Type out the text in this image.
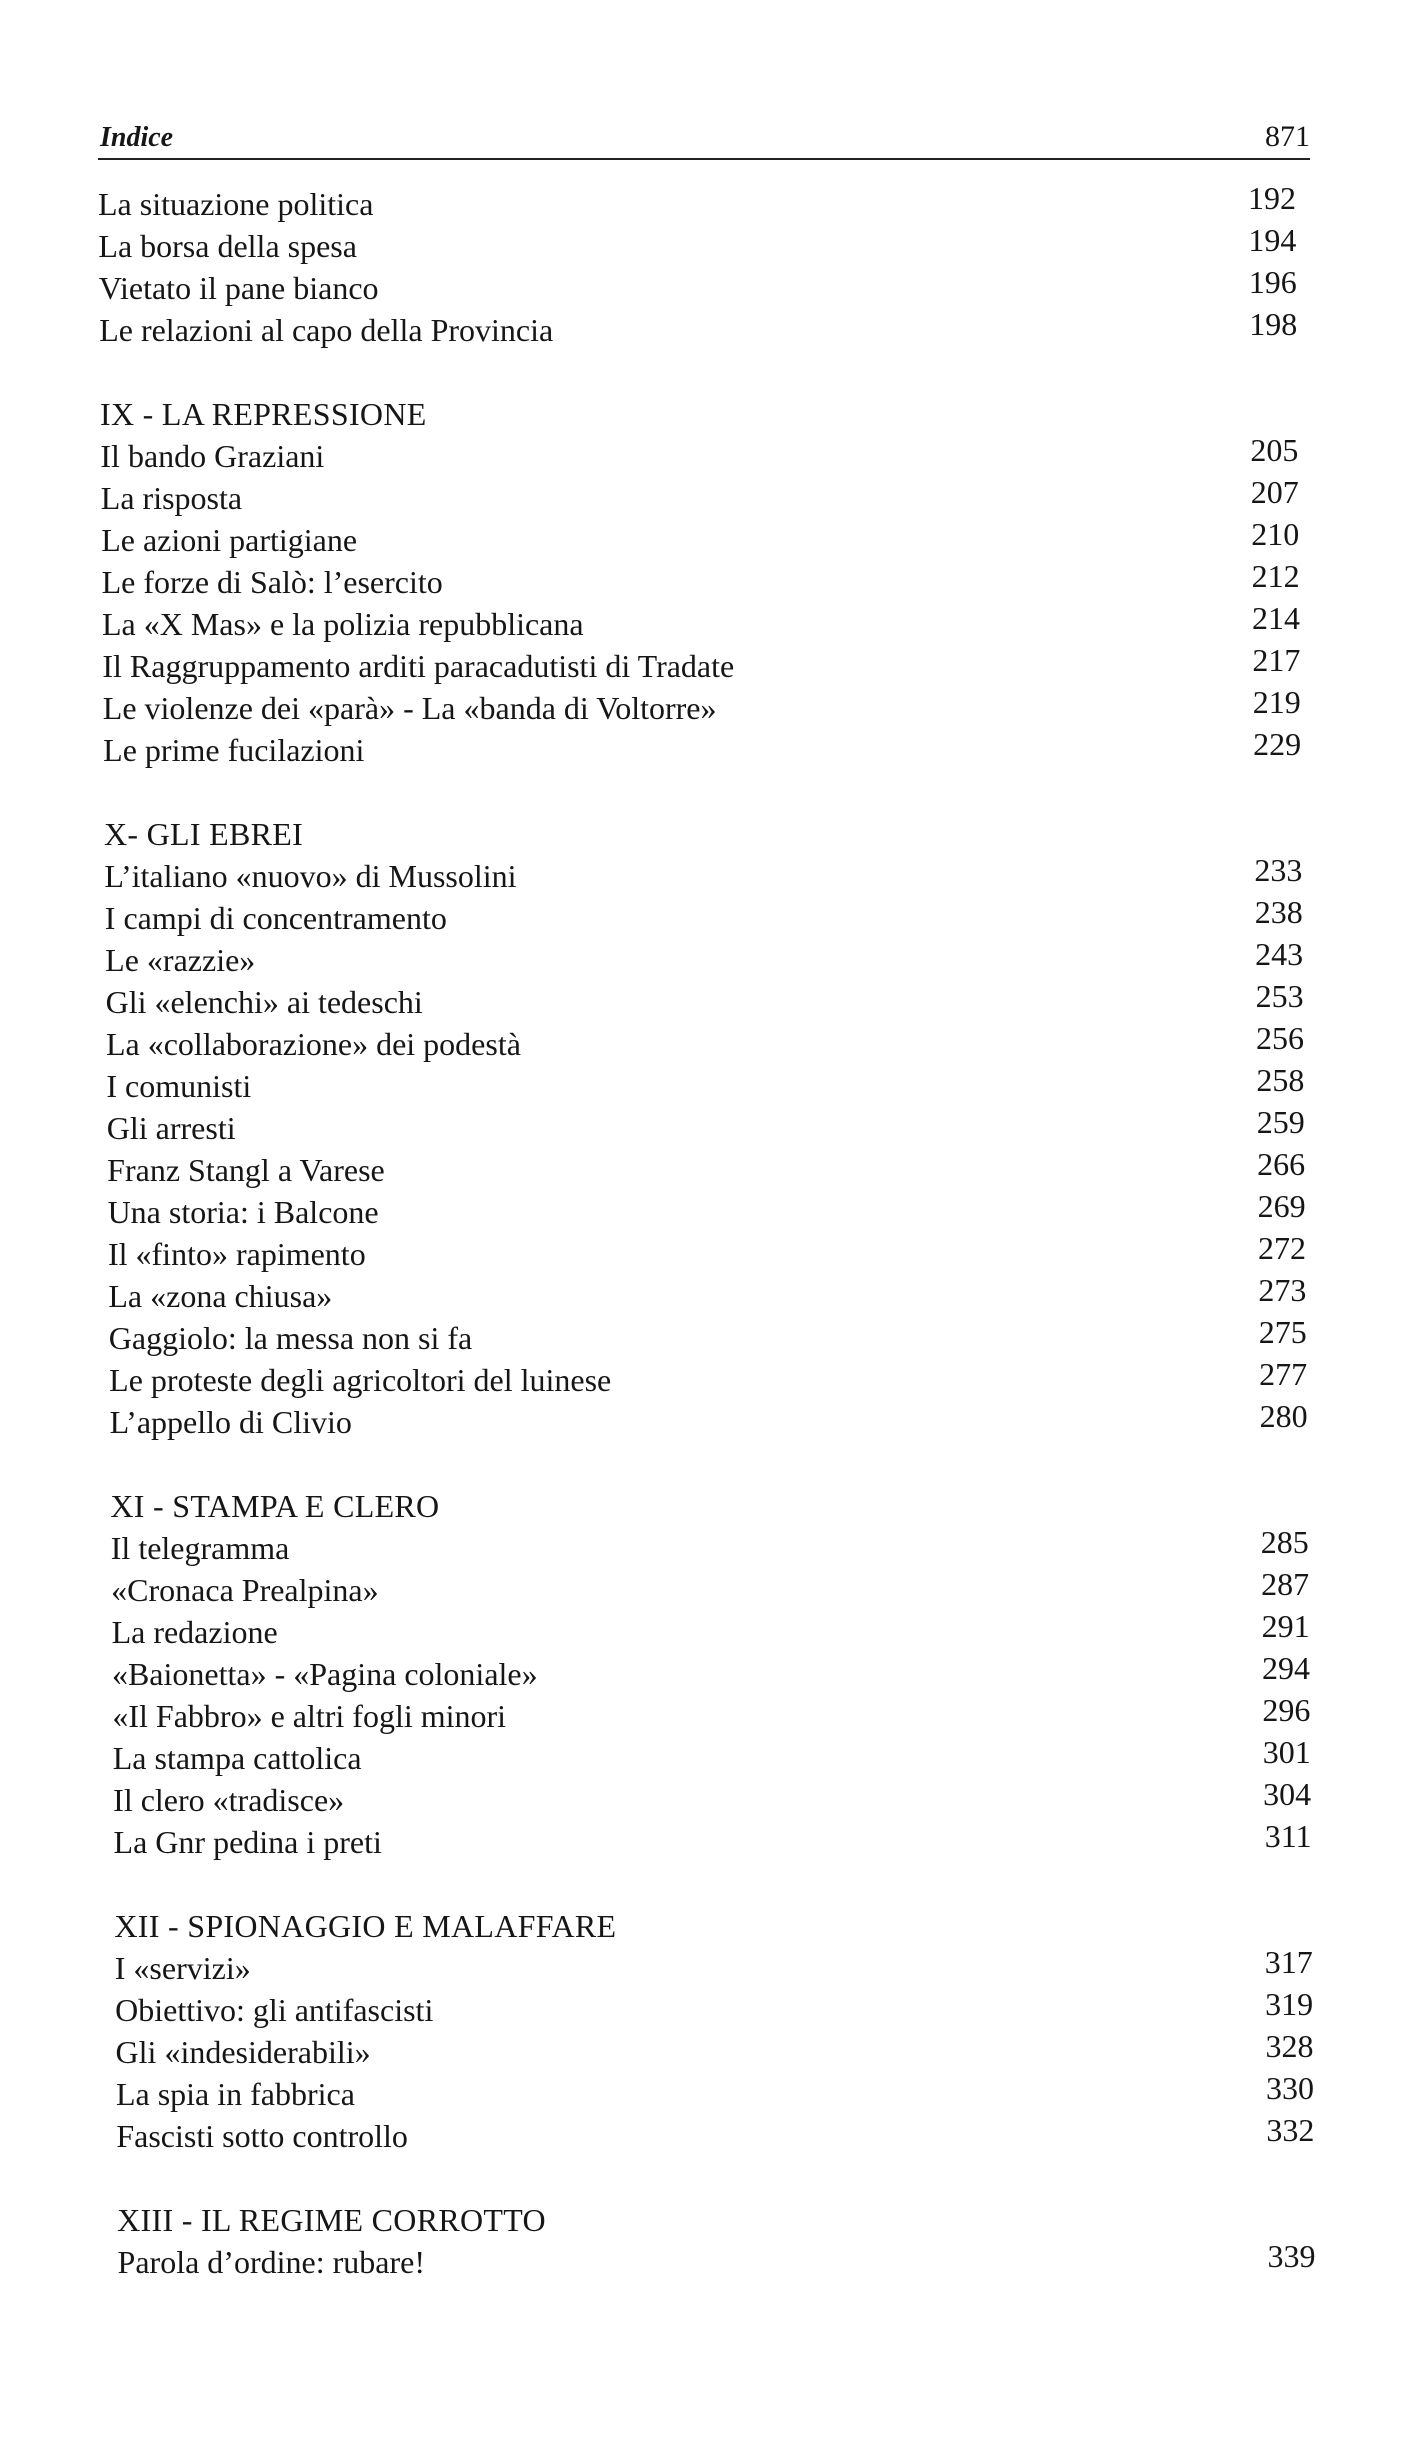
Indice	871
La situazione politica	192
La borsa della spesa	194
Vietato il pane bianco	196
Le relazioni al capo della Provincia	198
IX - LA REPRESSIONE
Il bando Graziani	205
La risposta	207
Le azioni partigiane	210
Le forze di Salò: l’esercito	212
La «X Mas» e la polizia repubblicana	214
Il Raggruppamento arditi paracadutisti di Tradate	217
Le violenze dei «parà» - La «banda di Voltorre»	219
Le prime fucilazioni	229
X- GLI EBREI
L’italiano «nuovo» di Mussolini	233
I campi di concentramento	238
Le «razzie»	243
Gli «elenchi» ai tedeschi	253
La «collaborazione» dei podestà	256
I comunisti	258
Gli arresti	259
Franz Stangl a Varese	266
Una storia: i Balcone	269
Il «finto» rapimento	272
La «zona chiusa»	273
Gaggiolo: la messa non si fa	275
Le proteste degli agricoltori del luinese	277
L’appello di Clivio	280
XI - STAMPA E CLERO
Il telegramma	285
«Cronaca Prealpina»	287
La redazione	291
«Baionetta» - «Pagina coloniale»	294
«Il Fabbro» e altri fogli minori	296
La stampa cattolica	301
Il clero «tradisce»	304
La Gnr pedina i preti	311
XII - SPIONAGGIO E MALAFFARE
I «servizi»	317
Obiettivo: gli antifascisti	319
Gli «indesiderabili»	328
La spia in fabbrica	330
Fascisti sotto controllo	332
XIII - IL REGIME CORROTTO
Parola d’ordine: rubare!	339
